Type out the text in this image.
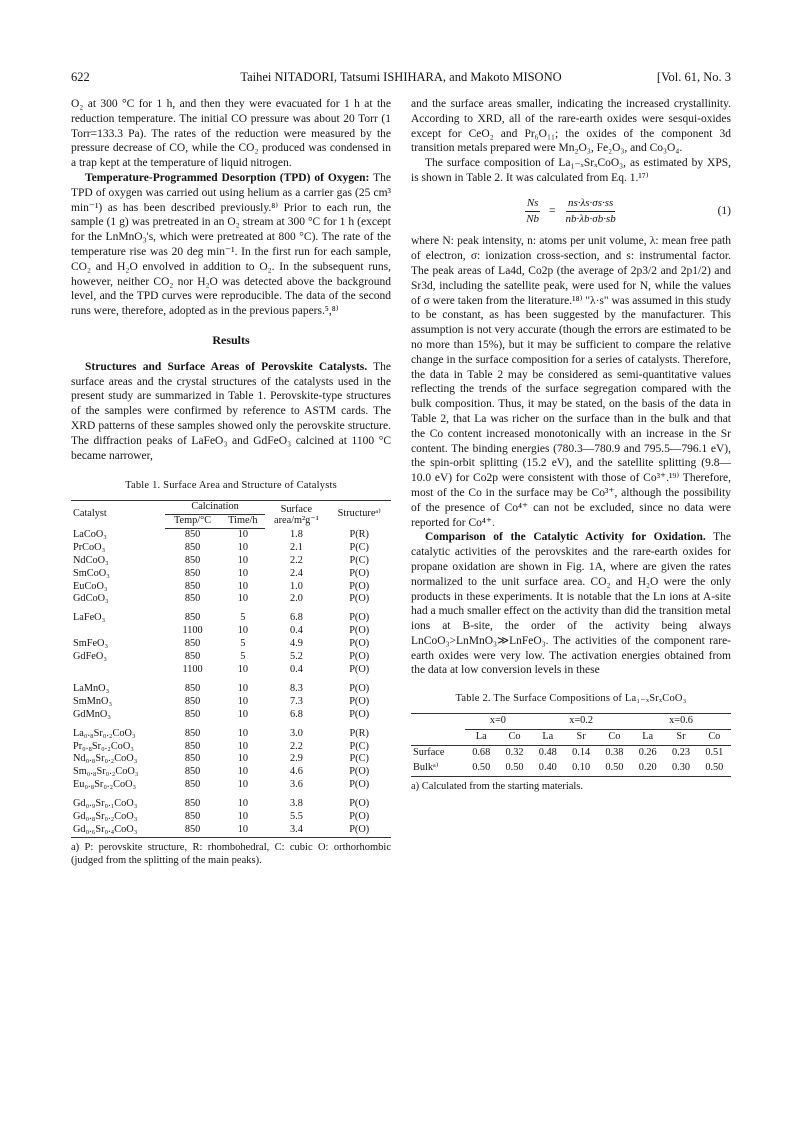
622	Taihei NITADORI, Tatsumi ISHIHARA, and Makoto MISONO	[Vol. 61, No. 3

O₂ at 300 °C for 1 h, and then they were evacuated for 1 h at the reduction temperature. The initial CO pressure was about 20 Torr (1 Torr=133.3 Pa). The rates of the reduction were measured by the pressure decrease of CO, while the CO₂ produced was condensed in a trap kept at the temperature of liquid nitrogen.

Temperature-Programmed Desorption (TPD) of Oxygen: The TPD of oxygen was carried out using helium as a carrier gas (25 cm³ min⁻¹) as has been described previously.⁸⁾ Prior to each run, the sample (1 g) was pretreated in an O₂ stream at 300 °C for 1 h (except for the LnMnO₃'s, which were pretreated at 800 °C). The rate of the temperature rise was 20 deg min⁻¹. In the first run for each sample, CO₂ and H₂O envolved in addition to O₂. In the subsequent runs, however, neither CO₂ nor H₂O was detected above the background level, and the TPD curves were reproducible. The data of the second runs were, therefore, adopted as in the previous papers.⁵,⁸⁾

Results

Structures and Surface Areas of Perovskite Catalysts. The surface areas and the crystal structures of the catalysts used in the present study are summarized in Table 1. Perovskite-type structures of the samples were confirmed by reference to ASTM cards. The XRD patterns of these samples showed only the perovskite structure. The diffraction peaks of LaFeO₃ and GdFeO₃ calcined at 1100 °C became narrower,

Table 1. Surface Area and Structure of Catalysts
Catalyst	Calcination		Surface area/m²g⁻¹	Structureᵃ⁾
	Temp/°C	Time/h		
LaCoO₃	850	10	1.8	P(R)
PrCoO₃	850	10	2.1	P(C)
NdCoO₃	850	10	2.2	P(C)
SmCoO₃	850	10	2.4	P(O)
EuCoO₃	850	10	1.0	P(O)
GdCoO₃	850	10	2.0	P(O)
LaFeO₃	850	5	6.8	P(O)
	1100	10	0.4	P(O)
SmFeO₃	850	5	4.9	P(O)
GdFeO₃	850	5	5.2	P(O)
	1100	10	0.4	P(O)
LaMnO₃	850	10	8.3	P(O)
SmMnO₃	850	10	7.3	P(O)
GdMnO₃	850	10	6.8	P(O)
La₀.₈Sr₀.₂CoO₃	850	10	3.0	P(R)
Pr₀.₈Sr₀.₂CoO₃	850	10	2.2	P(C)
Nd₀.₈Sr₀.₂CoO₃	850	10	2.9	P(C)
Sm₀.₈Sr₀.₂CoO₃	850	10	4.6	P(O)
Eu₀.₈Sr₀.₂CoO₃	850	10	3.6	P(O)
Gd₀.₉Sr₀.₁CoO₃	850	10	3.8	P(O)
Gd₀.₈Sr₀.₂CoO₃	850	10	5.5	P(O)
Gd₀.₆Sr₀.₄CoO₃	850	10	3.4	P(O)
a) P: perovskite structure, R: rhombohedral, C: cubic O: orthorhombic (judged from the splitting of the main peaks).

and the surface areas smaller, indicating the increased crystallinity. According to XRD, all of the rare-earth oxides were sesqui-oxides except for CeO₂ and Pr₆O₁₁; the oxides of the component 3d transition metals prepared were Mn₂O₃, Fe₂O₃, and Co₃O₄.

The surface composition of La₁₋ₓSrₓCoO₃, as estimated by XPS, is shown in Table 2. It was calculated from Eq. 1.¹⁷⁾

$\frac{Ns}{Nb} = \frac{ns\cdot\lambda s\cdot\sigma s\cdot ss}{nb\cdot\lambda b\cdot\sigma b\cdot sb}$	(1)

where N: peak intensity, n: atoms per unit volume, λ: mean free path of electron, σ: ionization cross-section, and s: instrumental factor. The peak areas of La4d, Co2p (the average of 2p3/2 and 2p1/2) and Sr3d, including the satellite peak, were used for N, while the values of σ were taken from the literature.¹⁸⁾ "λ·s" was assumed in this study to be constant, as has been suggested by the manufacturer. This assumption is not very accurate (though the errors are estimated to be no more than 15%), but it may be sufficient to compare the relative change in the surface composition for a series of catalysts. Therefore, the data in Table 2 may be considered as semi-quantitative values reflecting the trends of the surface segregation compared with the bulk composition. Thus, it may be stated, on the basis of the data in Table 2, that La was richer on the surface than in the bulk and that the Co content increased monotonically with an increase in the Sr content. The binding energies (780.3—780.9 and 795.5—796.1 eV), the spin-orbit splitting (15.2 eV), and the satellite splitting (9.8—10.0 eV) for Co2p were consistent with those of Co³⁺.¹⁹⁾ Therefore, most of the Co in the surface may be Co³⁺, although the possibility of the presence of Co⁴⁺ can not be excluded, since no data were reported for Co⁴⁺.

Comparison of the Catalytic Activity for Oxidation. The catalytic activities of the perovskites and the rare-earth oxides for propane oxidation are shown in Fig. 1A, where are given the rates normalized to the unit surface area. CO₂ and H₂O were the only products in these experiments. It is notable that the Ln ions at A-site had a much smaller effect on the activity than did the transition metal ions at B-site, the order of the activity being always LnCoO₃>LnMnO₃≫LnFeO₃. The activities of the component rare-earth oxides were very low. The activation energies obtained from the data at low conversion levels in these

Table 2. The Surface Compositions of La₁₋ₓSrₓCoO₃
	x=0		x=0.2			x=0.6		
	La	Co	La	Sr	Co	La	Sr	Co
Surface	0.68	0.32	0.48	0.14	0.38	0.26	0.23	0.51
Bulkᵃ⁾	0.50	0.50	0.40	0.10	0.50	0.20	0.30	0.50
a) Calculated from the starting materials.
